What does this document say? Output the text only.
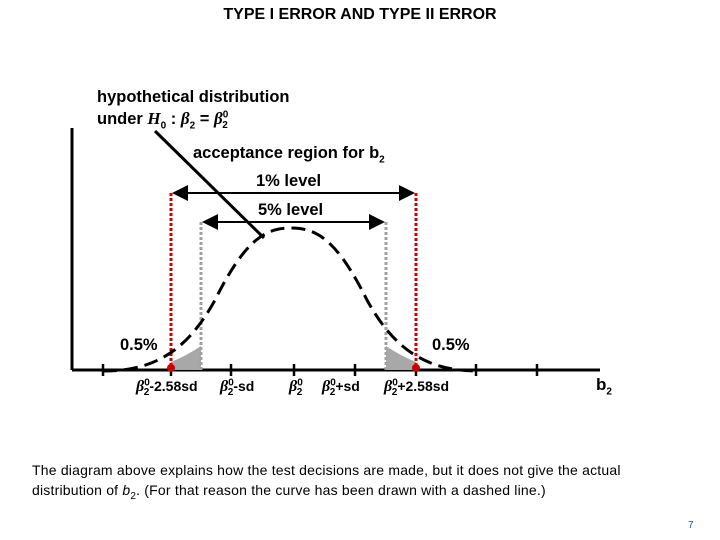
TYPE I ERROR AND TYPE II ERROR
hypothetical distribution
under $H_0$ : $\beta_2 = \beta^0_2$
acceptance region for $b_2$
1% level
5% level
0.5%	0.5%
$\beta^0_2-2.58sd$ $\beta^0_2-sd$ $\beta^0_2$ $\beta^0_2+sd$ $\beta^0_2+2.58sd$	$b_2$
The diagram above explains how the test decisions are made, but it does not give the actual distribution of $b_2$. (For that reason the curve has been drawn with a dashed line.)
7
